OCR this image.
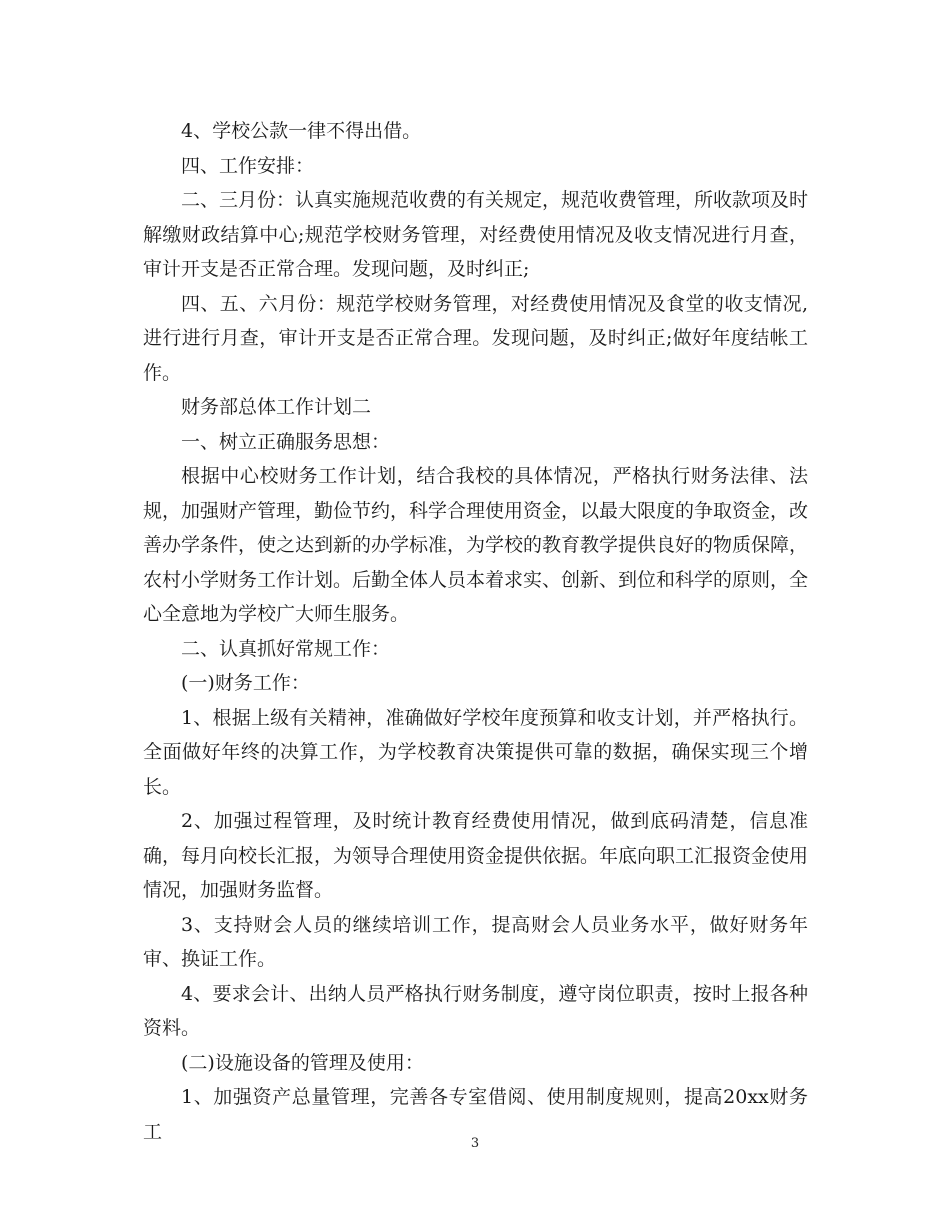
4、学校公款一律不得出借。

四、工作安排：

二、三月份：认真实施规范收费的有关规定，规范收费管理，所收款项及时解缴财政结算中心;规范学校财务管理，对经费使用情况及收支情况进行月查，审计开支是否正常合理。发现问题，及时纠正;

四、五、六月份：规范学校财务管理，对经费使用情况及食堂的收支情况,进行进行月查，审计开支是否正常合理。发现问题，及时纠正;做好年度结帐工作。

财务部总体工作计划二

一、树立正确服务思想：

根据中心校财务工作计划，结合我校的具体情况，严格执行财务法律、法规，加强财产管理，勤俭节约，科学合理使用资金，以最大限度的争取资金，改善办学条件，使之达到新的办学标准，为学校的教育教学提供良好的物质保障，农村小学财务工作计划。后勤全体人员本着求实、创新、到位和科学的原则，全心全意地为学校广大师生服务。

二、认真抓好常规工作：

(一)财务工作：

1、根据上级有关精神，准确做好学校年度预算和收支计划，并严格执行。全面做好年终的决算工作，为学校教育决策提供可靠的数据，确保实现三个增长。

2、加强过程管理，及时统计教育经费使用情况，做到底码清楚，信息准确，每月向校长汇报，为领导合理使用资金提供依据。年底向职工汇报资金使用情况，加强财务监督。

3、支持财会人员的继续培训工作，提高财会人员业务水平，做好财务年审、换证工作。

4、要求会计、出纳人员严格执行财务制度，遵守岗位职责，按时上报各种资料。

(二)设施设备的管理及使用：

1、加强资产总量管理，完善各专室借阅、使用制度规则，提高20xx财务工

3
